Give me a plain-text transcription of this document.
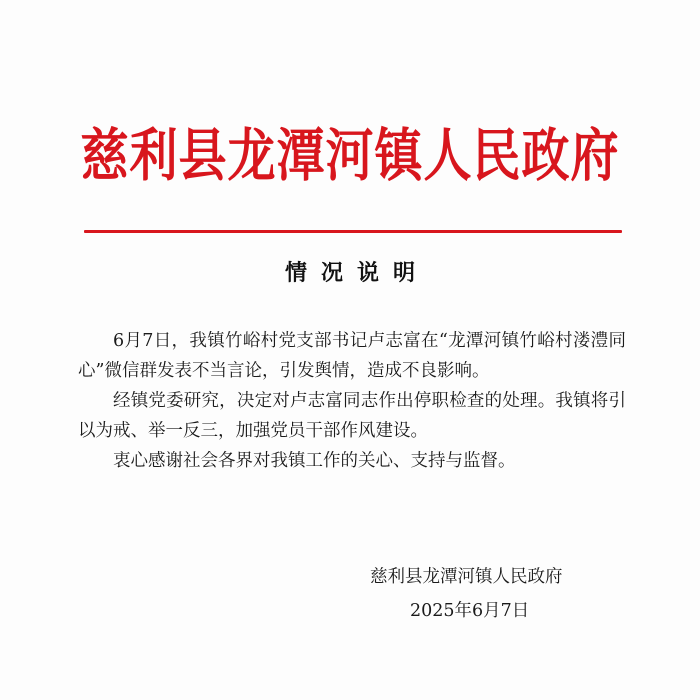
慈利县龙潭河镇人民政府
情况说明

6月7日，我镇竹峪村党支部书记卢志富在“龙潭河镇竹峪村溇澧同心”微信群发表不当言论，引发舆情，造成不良影响。

经镇党委研究，决定对卢志富同志作出停职检查的处理。我镇将引以为戒、举一反三，加强党员干部作风建设。

衷心感谢社会各界对我镇工作的关心、支持与监督。

慈利县龙潭河镇人民政府
2025年6月7日
